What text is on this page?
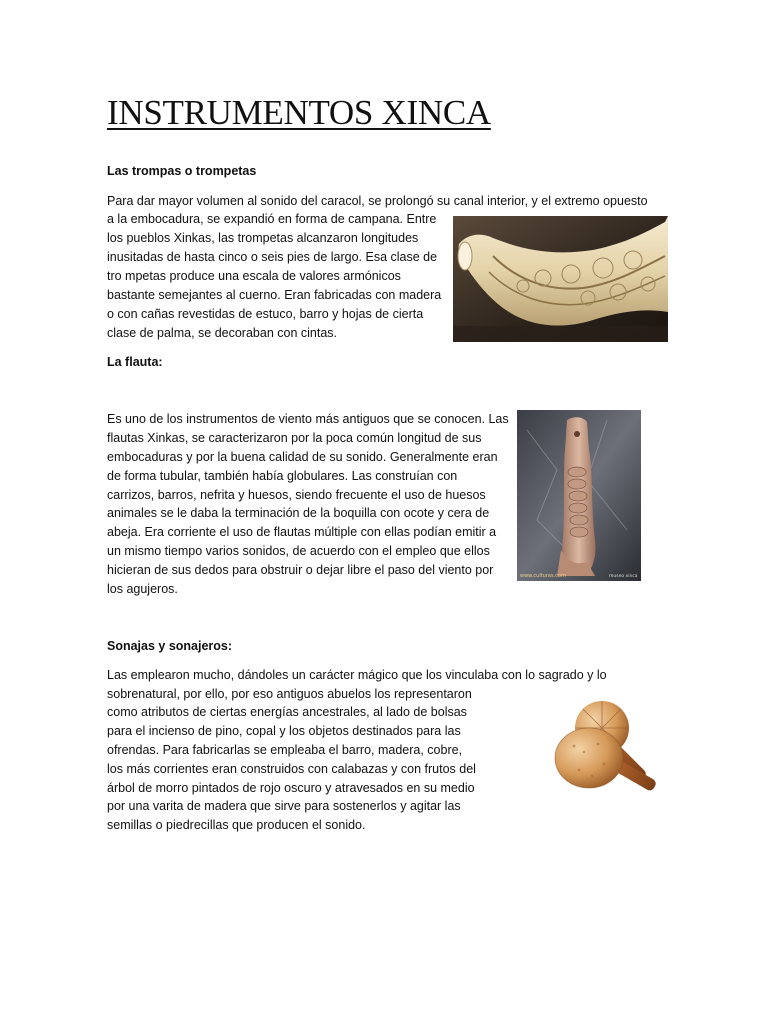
INSTRUMENTOS XINCA
Las trompas o trompetas
Para dar mayor volumen al sonido del caracol, se prolongó su canal interior, y el extremo opuesto
a la embocadura, se expandió en forma de campana. Entre
los pueblos Xinkas, las trompetas alcanzaron longitudes
inusitadas de hasta cinco o seis pies de largo. Esa clase de
tro mpetas produce una escala de valores armónicos
bastante semejantes al cuerno. Eran fabricadas con madera
o con cañas revestidas de estuco, barro y hojas de cierta
clase de palma, se decoraban con cintas.
La flauta:
Es uno de los instrumentos de viento más antiguos que se conocen. Las
flautas Xinkas, se caracterizaron por la poca común longitud de sus
embocaduras y por la buena calidad de su sonido. Generalmente eran
de forma tubular, también había globulares. Las construían con
carrizos, barros, nefrita y huesos, siendo frecuente el uso de huesos
animales se le daba la terminación de la boquilla con ocote y cera de
abeja. Era corriente el uso de flautas múltiple con ellas podían emitir a
un mismo tiempo varios sonidos, de acuerdo con el empleo que ellos
hicieran de sus dedos para obstruir o dejar libre el paso del viento por
los agujeros.
www.culturas.com	museo xinca
Sonajas y sonajeros:
Las emplearon mucho, dándoles un carácter mágico que los vinculaba con lo sagrado y lo
sobrenatural, por ello, por eso antiguos abuelos los representaron
como atributos de ciertas energías ancestrales, al lado de bolsas
para el incienso de pino, copal y los objetos destinados para las
ofrendas. Para fabricarlas se empleaba el barro, madera, cobre,
los más corrientes eran construidos con calabazas y con frutos del
árbol de morro pintados de rojo oscuro y atravesados en su medio
por una varita de madera que sirve para sostenerlos y agitar las
semillas o piedrecillas que producen el sonido.
